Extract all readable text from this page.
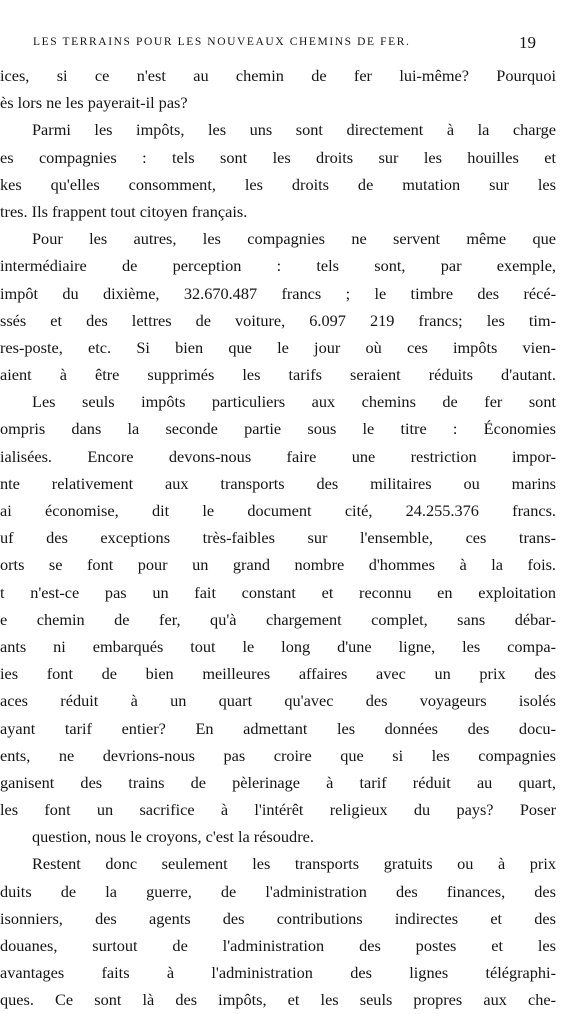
LES TERRAINS POUR LES NOUVEAUX CHEMINS DE FER.	19
ices, si ce n'est au chemin de fer lui-même? Pourquoi
ès lors ne les payerait-il pas?
Parmi les impôts, les uns sont directement à la charge
es compagnies : tels sont les droits sur les houilles et
kes qu'elles consomment, les droits de mutation sur les
tres. Ils frappent tout citoyen français.
Pour les autres, les compagnies ne servent même que
intermédiaire de perception : tels sont, par exemple,
impôt du dixième, 32.670.487 francs ; le timbre des récé-
ssés et des lettres de voiture, 6.097 219 francs; les tim-
res-poste, etc. Si bien que le jour où ces impôts vien-
aient à être supprimés les tarifs seraient réduits d'autant.
Les seuls impôts particuliers aux chemins de fer sont
ompris dans la seconde partie sous le titre : Économies
ialisées. Encore devons-nous faire une restriction impor-
nte relativement aux transports des militaires ou marins
ai économise, dit le document cité, 24.255.376 francs.
uf des exceptions très-faibles sur l'ensemble, ces trans-
orts se font pour un grand nombre d'hommes à la fois.
t n'est-ce pas un fait constant et reconnu en exploitation
e chemin de fer, qu'à chargement complet, sans débar-
ants ni embarqués tout le long d'une ligne, les compa-
ies font de bien meilleures affaires avec un prix des
aces réduit à un quart qu'avec des voyageurs isolés
ayant tarif entier? En admettant les données des docu-
ents, ne devrions-nous pas croire que si les compagnies
ganisent des trains de pèlerinage à tarif réduit au quart,
les font un sacrifice à l'intérêt religieux du pays? Poser
question, nous le croyons, c'est la résoudre.
Restent donc seulement les transports gratuits ou à prix
duits de la guerre, de l'administration des finances, des
isonniers, des agents des contributions indirectes et des
douanes, surtout de l'administration des postes et les
avantages faits à l'administration des lignes télégraphi-
ques. Ce sont là des impôts, et les seuls propres aux che-
